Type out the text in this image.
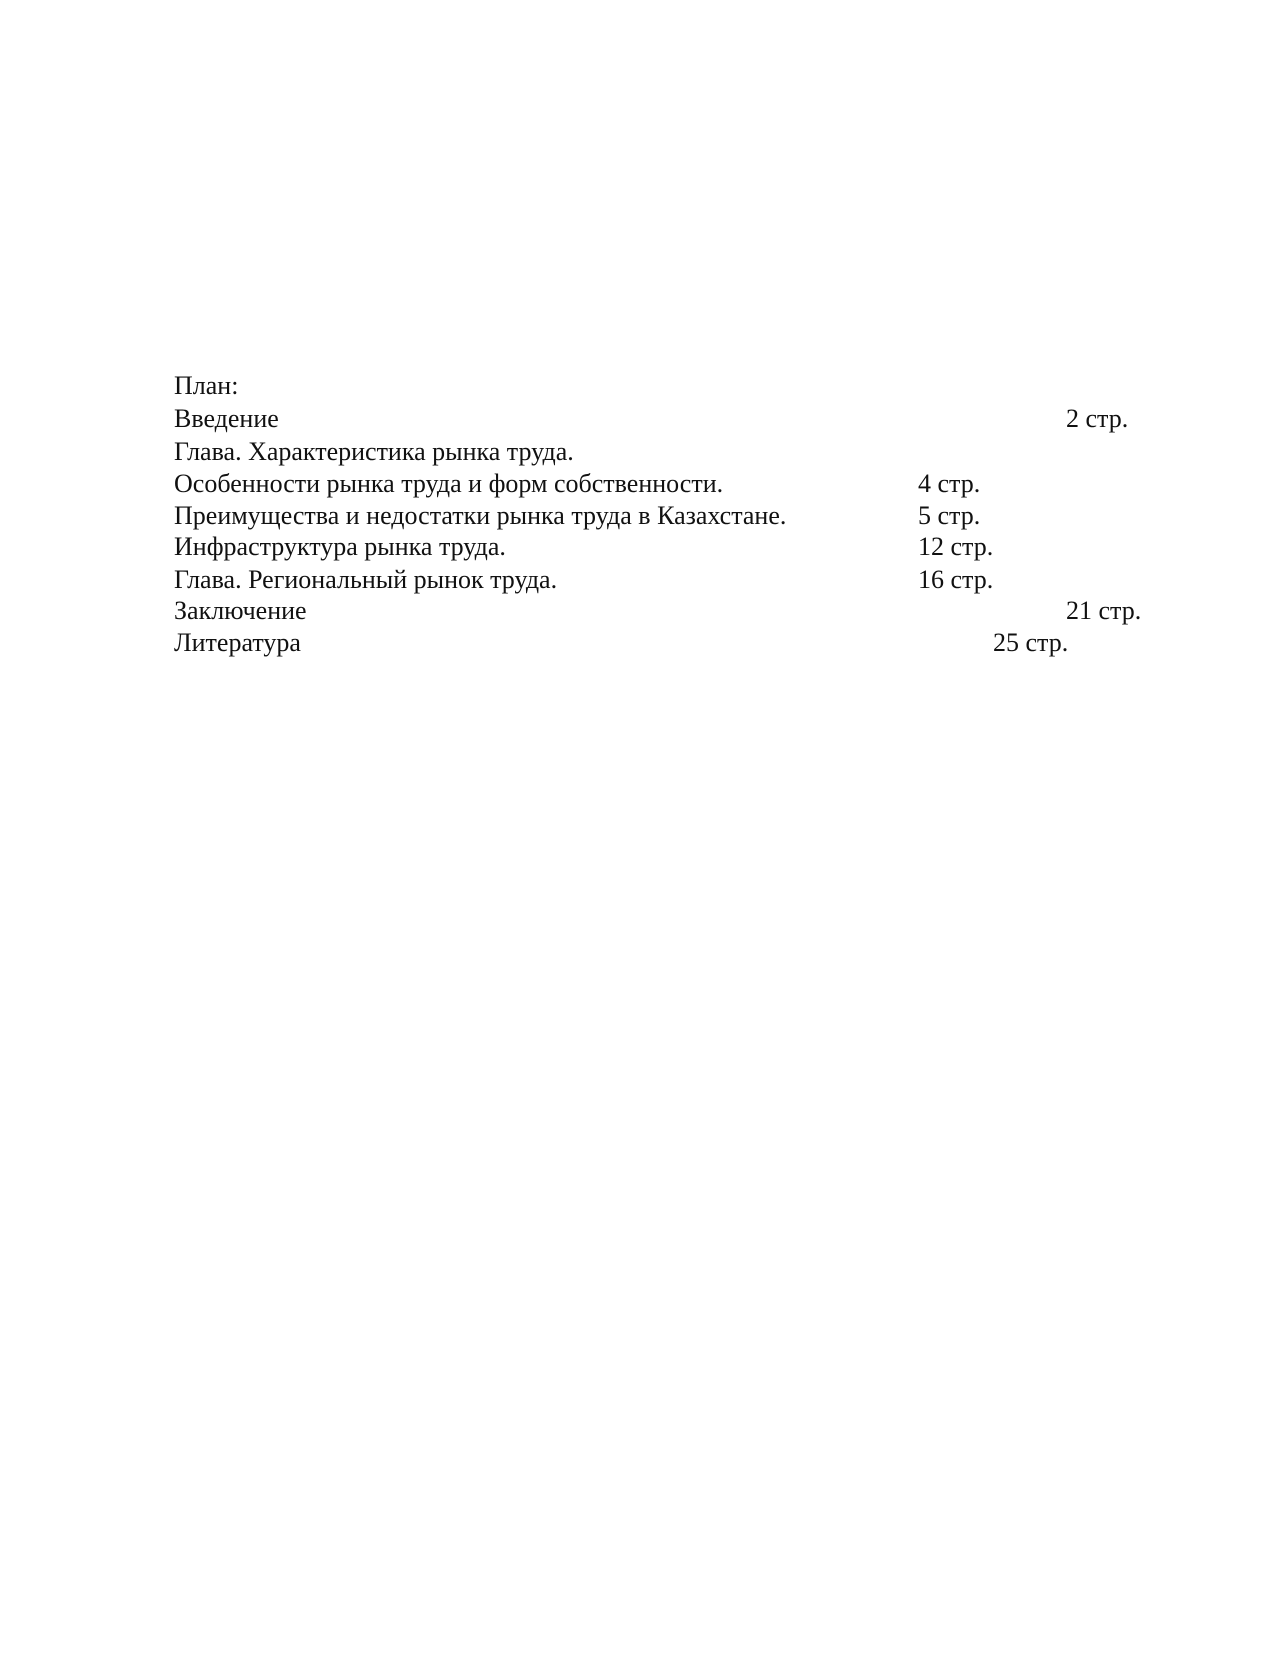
План:
Введение	2 стр.
Глава. Характеристика рынка труда.
Особенности рынка труда и форм собственности.	4 стр.
Преимущества и недостатки рынка труда в Казахстане.	5 стр.
Инфраструктура рынка труда.	12 стр.
Глава. Региональный рынок труда.	16 стр.
Заключение	21 стр.
Литература	25 стр.
